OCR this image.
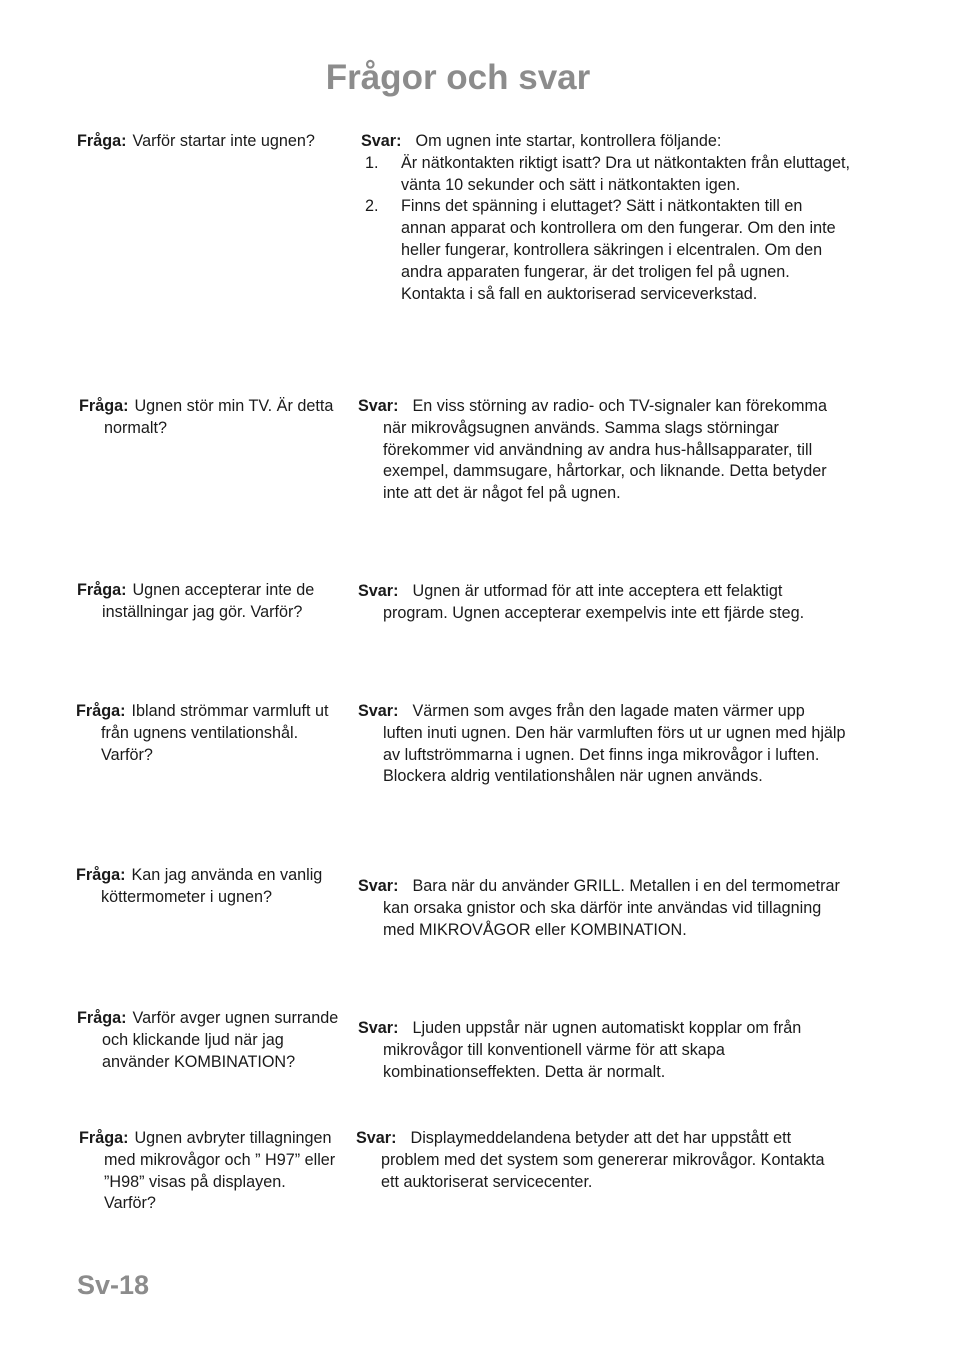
Frågor och svar
Fråga: Varför startar inte ugnen?	Svar: Om ugnen inte startar, kontrollera följande:
1.	Är nätkontakten riktigt isatt? Dra ut nätkontakten från eluttaget, vänta 10 sekunder och sätt i nätkontakten igen.
2.	Finns det spänning i eluttaget? Sätt i nätkontakten till en annan apparat och kontrollera om den fungerar. Om den inte heller fungerar, kontrollera säkringen i elcentralen. Om den andra apparaten fungerar, är det troligen fel på ugnen. Kontakta i så fall en auktoriserad serviceverkstad.
Fråga: Ugnen stör min TV. Är detta normalt?
Svar: En viss störning av radio- och TV-signaler kan förekomma när mikrovågsugnen används. Samma slags störningar förekommer vid användning av andra hus-hållsapparater, till exempel, dammsugare, hårtorkar, och liknande. Detta betyder inte att det är något fel på ugnen.
Fråga: Ugnen accepterar inte de inställningar jag gör. Varför?
Svar: Ugnen är utformad för att inte acceptera ett felaktigt program. Ugnen accepterar exempelvis inte ett fjärde steg.
Fråga: Ibland strömmar varmluft ut från ugnens ventilationshål. Varför?
Svar: Värmen som avges från den lagade maten värmer upp luften inuti ugnen. Den här varmluften förs ut ur ugnen med hjälp av luftströmmarna i ugnen. Det finns inga mikrovågor i luften. Blockera aldrig ventilationshålen när ugnen används.
Fråga: Kan jag använda en vanlig köttermometer i ugnen?
Svar: Bara när du använder GRILL. Metallen i en del termometrar kan orsaka gnistor och ska därför inte användas vid tillagning med MIKROVÅGOR eller KOMBINATION.
Fråga: Varför avger ugnen surrande och klickande ljud när jag använder KOMBINATION?
Svar: Ljuden uppstår när ugnen automatiskt kopplar om från mikrovågor till konventionell värme för att skapa kombinationseffekten. Detta är normalt.
Fråga: Ugnen avbryter tillagningen med mikrovågor och ” H97” eller ”H98” visas på displayen. Varför?
Svar: Displaymeddelandena betyder att det har uppstått ett problem med det system som genererar mikrovågor. Kontakta ett auktoriserat servicecenter.

Sv-18
